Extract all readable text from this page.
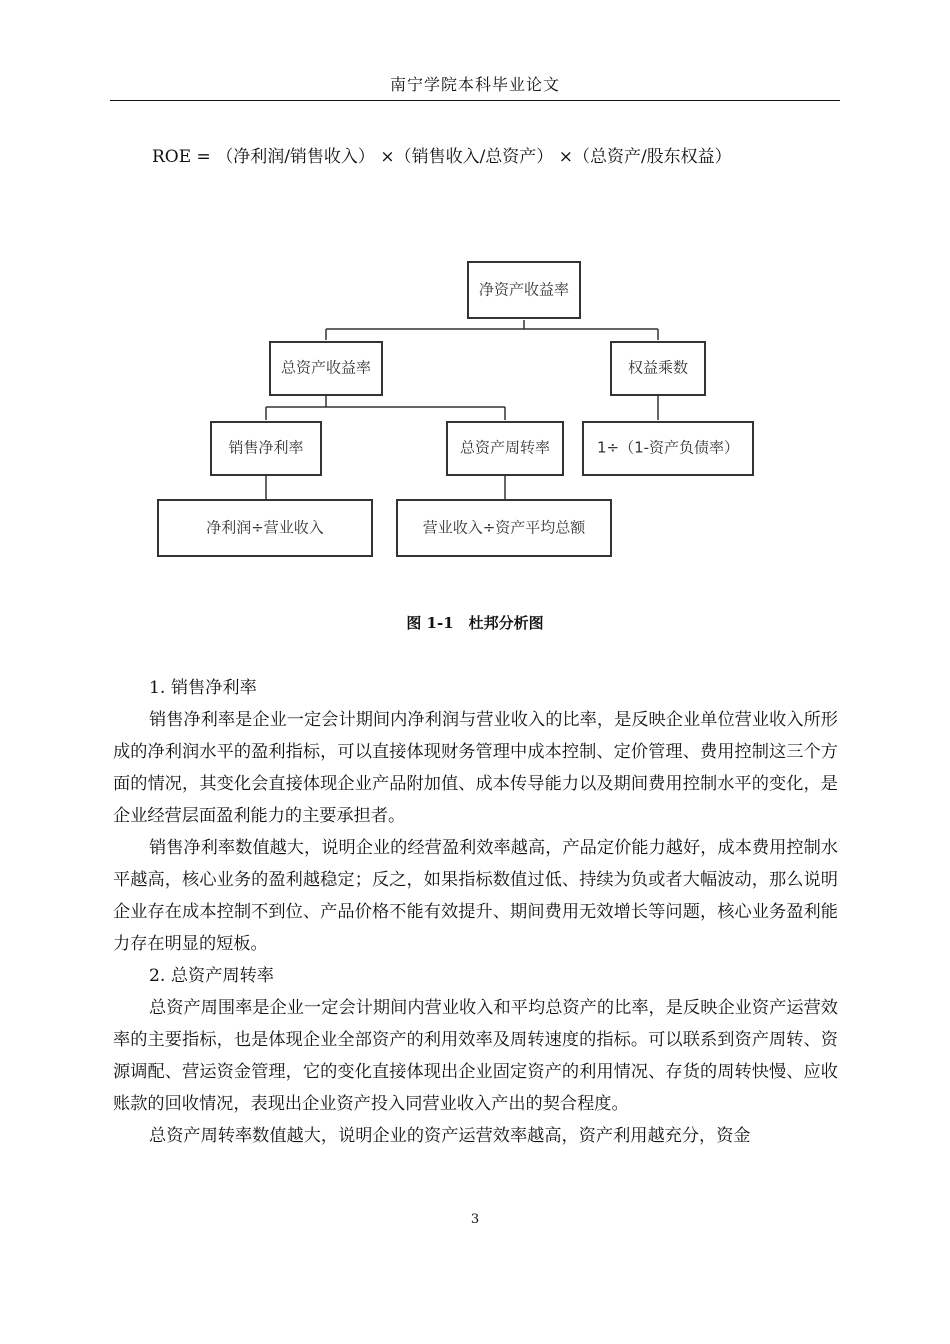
南宁学院本科毕业论文
ROE = （净利润/销售收入） ×（销售收入/总资产） ×（总资产/股东权益）
净资产收益率
总资产收益率	权益乘数
销售净利率	总资产周转率	1÷（1-资产负债率）
净利润÷营业收入	营业收入÷资产平均总额
图 1-1　杜邦分析图

1. 销售净利率

销售净利率是企业一定会计期间内净利润与营业收入的比率，是反映企业单位营业收入所形成的净利润水平的盈利指标，可以直接体现财务管理中成本控制、定价管理、费用控制这三个方面的情况，其变化会直接体现企业产品附加值、成本传导能力以及期间费用控制水平的变化，是企业经营层面盈利能力的主要承担者。

销售净利率数值越大，说明企业的经营盈利效率越高，产品定价能力越好，成本费用控制水平越高，核心业务的盈利越稳定；反之，如果指标数值过低、持续为负或者大幅波动，那么说明企业存在成本控制不到位、产品价格不能有效提升、期间费用无效增长等问题，核心业务盈利能力存在明显的短板。

2. 总资产周转率

总资产周围率是企业一定会计期间内营业收入和平均总资产的比率，是反映企业资产运营效率的主要指标，也是体现企业全部资产的利用效率及周转速度的指标。可以联系到资产周转、资源调配、营运资金管理，它的变化直接体现出企业固定资产的利用情况、存货的周转快慢、应收账款的回收情况，表现出企业资产投入同营业收入产出的契合程度。

总资产周转率数值越大，说明企业的资产运营效率越高，资产利用越充分，资金

3
